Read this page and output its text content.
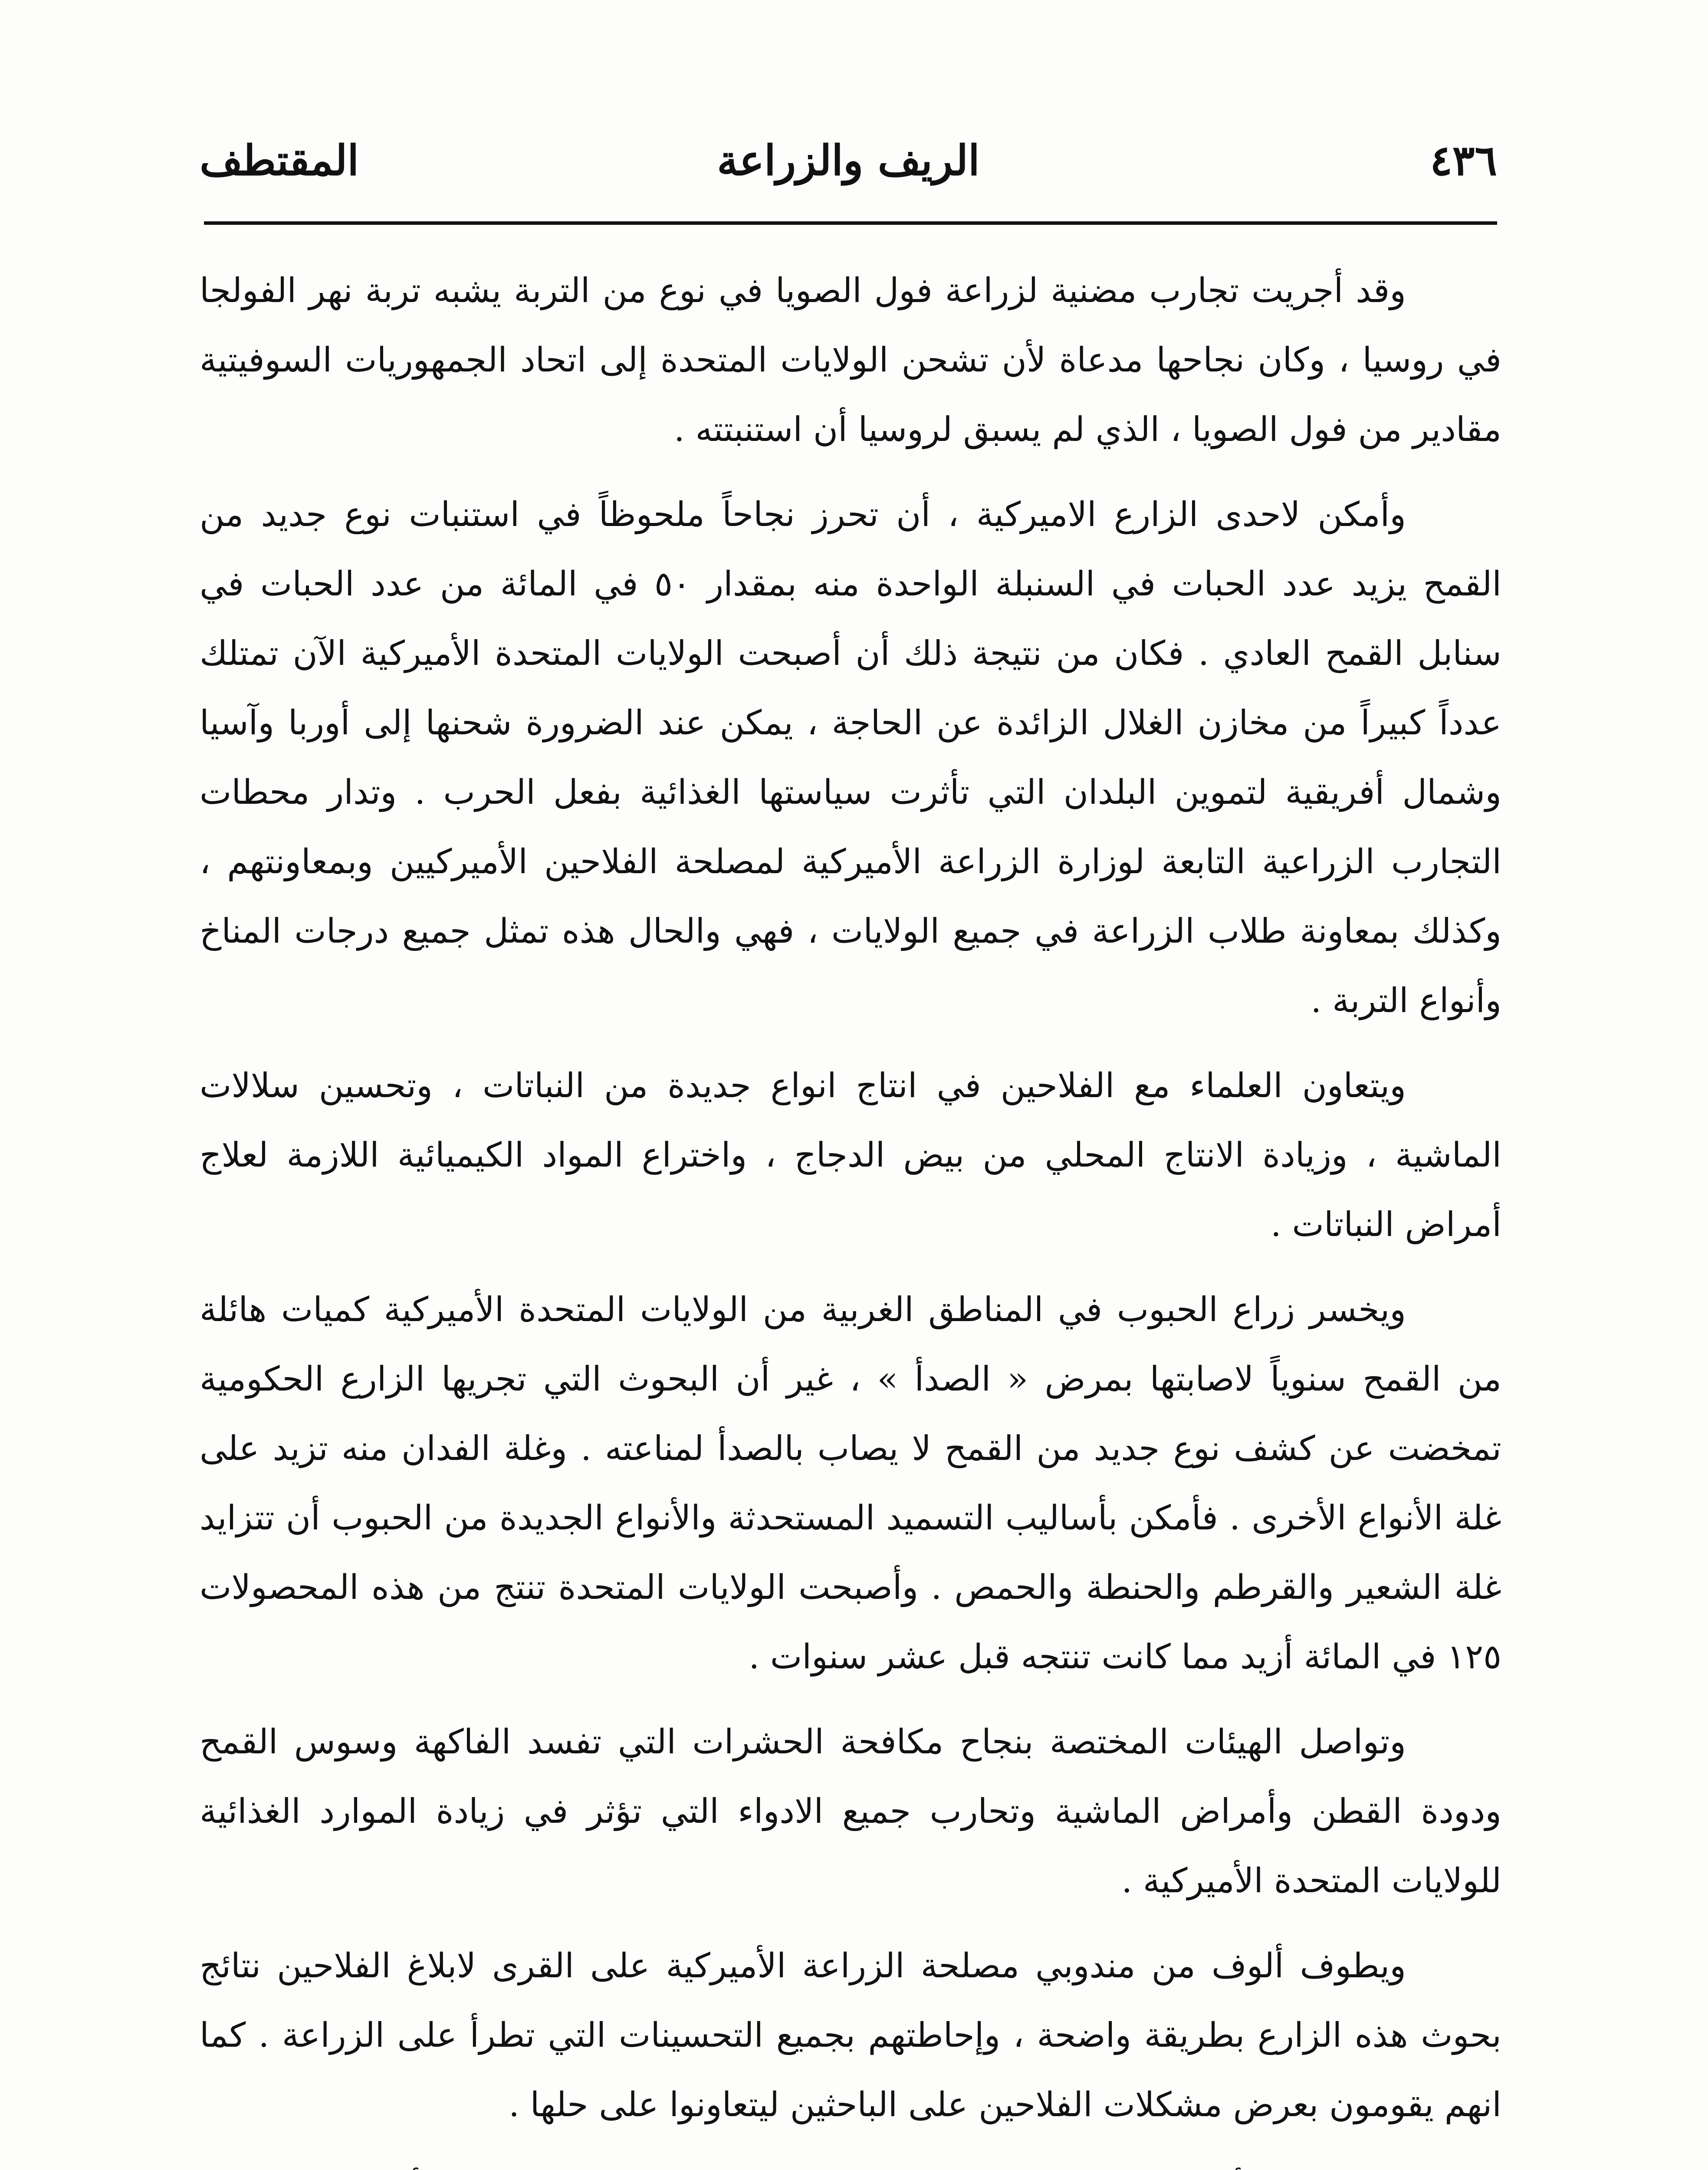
٤٣٦
الريف والزراعة
المقتطف

وقد أجريت تجارب مضنية لزراعة فول الصويا في نوع من التربة يشبه تربة نهر الفولجا في روسيا ، وكان نجاحها مدعاة لأن تشحن الولايات المتحدة إلى اتحاد الجمهوريات السوفيتية مقادير من فول الصويا ، الذي لم يسبق لروسيا أن استنبتته .

وأمكن لاحدى الزارع الاميركية ، أن تحرز نجاحاً ملحوظاً في استنبات نوع جديد من القمح يزيد عدد الحبات في السنبلة الواحدة منه بمقدار ٥٠ في المائة من عدد الحبات في سنابل القمح العادي . فكان من نتيجة ذلك أن أصبحت الولايات المتحدة الأميركية الآن تمتلك عدداً كبيراً من مخازن الغلال الزائدة عن الحاجة ، يمكن عند الضرورة شحنها إلى أوربا وآسيا وشمال أفريقية لتموين البلدان التي تأثرت سياستها الغذائية بفعل الحرب . وتدار محطات التجارب الزراعية التابعة لوزارة الزراعة الأميركية لمصلحة الفلاحين الأميركيين وبمعاونتهم ، وكذلك بمعاونة طلاب الزراعة في جميع الولايات ، فهي والحال هذه تمثل جميع درجات المناخ وأنواع التربة .

ويتعاون العلماء مع الفلاحين في انتاج انواع جديدة من النباتات ، وتحسين سلالات الماشية ، وزيادة الانتاج المحلي من بيض الدجاج ، واختراع المواد الكيميائية اللازمة لعلاج أمراض النباتات .

ويخسر زراع الحبوب في المناطق الغربية من الولايات المتحدة الأميركية كميات هائلة من القمح سنوياً لاصابتها بمرض « الصدأ » ، غير أن البحوث التي تجريها الزارع الحكومية تمخضت عن كشف نوع جديد من القمح لا يصاب بالصدأ لمناعته . وغلة الفدان منه تزيد على غلة الأنواع الأخرى . فأمكن بأساليب التسميد المستحدثة والأنواع الجديدة من الحبوب أن تتزايد غلة الشعير والقرطم والحنطة والحمص . وأصبحت الولايات المتحدة تنتج من هذه المحصولات ١٢٥ في المائة أزيد مما كانت تنتجه قبل عشر سنوات .

وتواصل الهيئات المختصة بنجاح مكافحة الحشرات التي تفسد الفاكهة وسوس القمح ودودة القطن وأمراض الماشية وتحارب جميع الادواء التي تؤثر في زيادة الموارد الغذائية للولايات المتحدة الأميركية .

ويطوف ألوف من مندوبي مصلحة الزراعة الأميركية على القرى لابلاغ الفلاحين نتائج بحوث هذه الزارع بطريقة واضحة ، وإحاطتهم بجميع التحسينات التي تطرأ على الزراعة . كما انهم يقومون بعرض مشكلات الفلاحين على الباحثين ليتعاونوا على حلها .
